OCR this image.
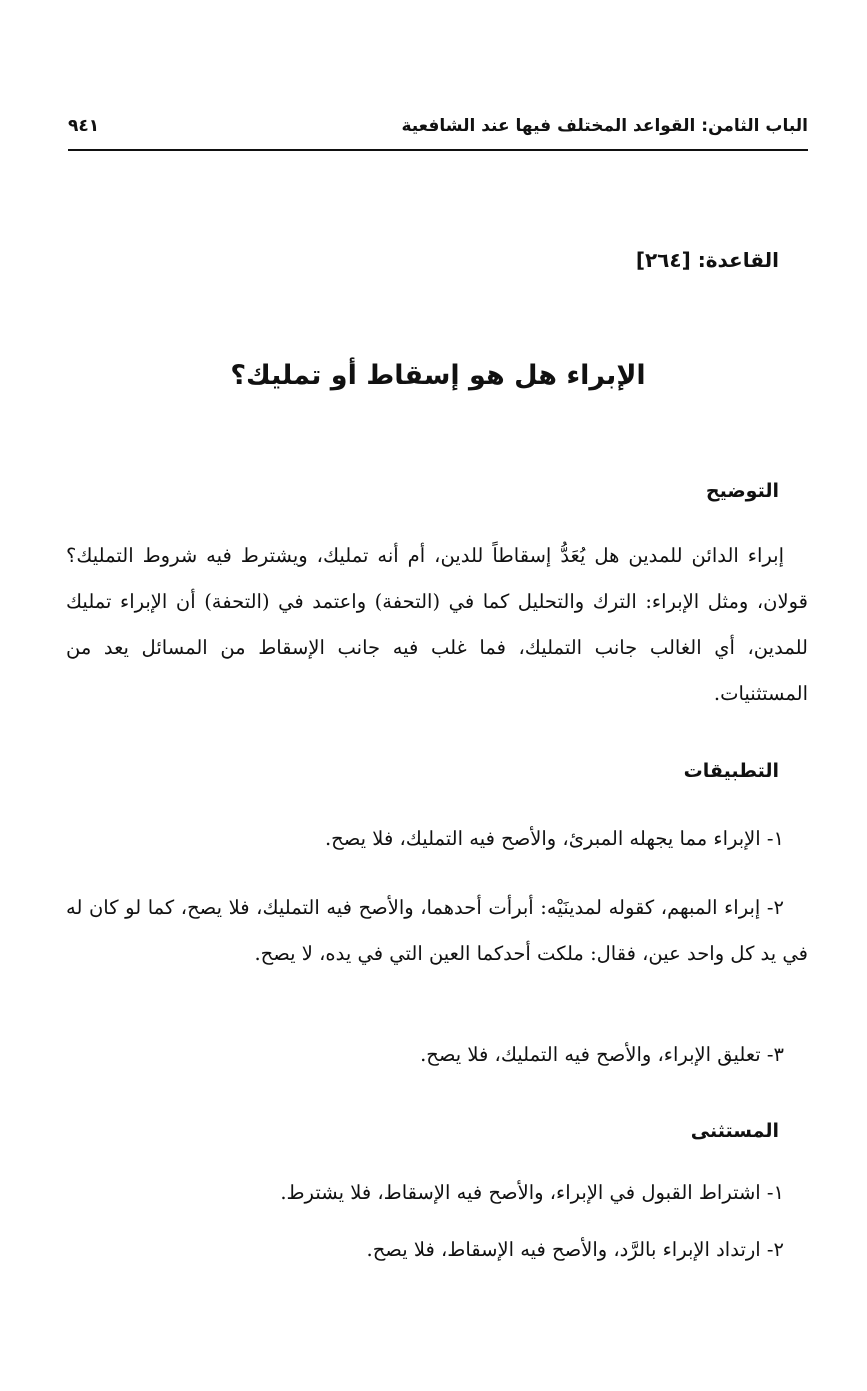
الباب الثامن: القواعد المختلف فيها عند الشافعية
٩٤١
القاعدة: [٢٦٤]
الإبراء هل هو إسقاط أو تمليك؟
التوضيح
إبراء الدائن للمدين هل يُعَدُّ إسقاطاً للدين، أم أنه تمليك، ويشترط فيه شروط التمليك؟ قولان، ومثل الإبراء: الترك والتحليل كما في (التحفة) واعتمد في (التحفة) أن الإبراء تمليك للمدين، أي الغالب جانب التمليك، فما غلب فيه جانب الإسقاط من المسائل يعد من المستثنيات.
التطبيقات
١- الإبراء مما يجهله المبرئ، والأصح فيه التمليك، فلا يصح.
٢- إبراء المبهم، كقوله لمدينَيْه: أبرأت أحدهما، والأصح فيه التمليك، فلا يصح، كما لو كان له في يد كل واحد عين، فقال: ملكت أحدكما العين التي في يده، لا يصح.
٣- تعليق الإبراء، والأصح فيه التمليك، فلا يصح.
المستثنى
١- اشتراط القبول في الإبراء، والأصح فيه الإسقاط، فلا يشترط.
٢- ارتداد الإبراء بالرَّد، والأصح فيه الإسقاط، فلا يصح.
